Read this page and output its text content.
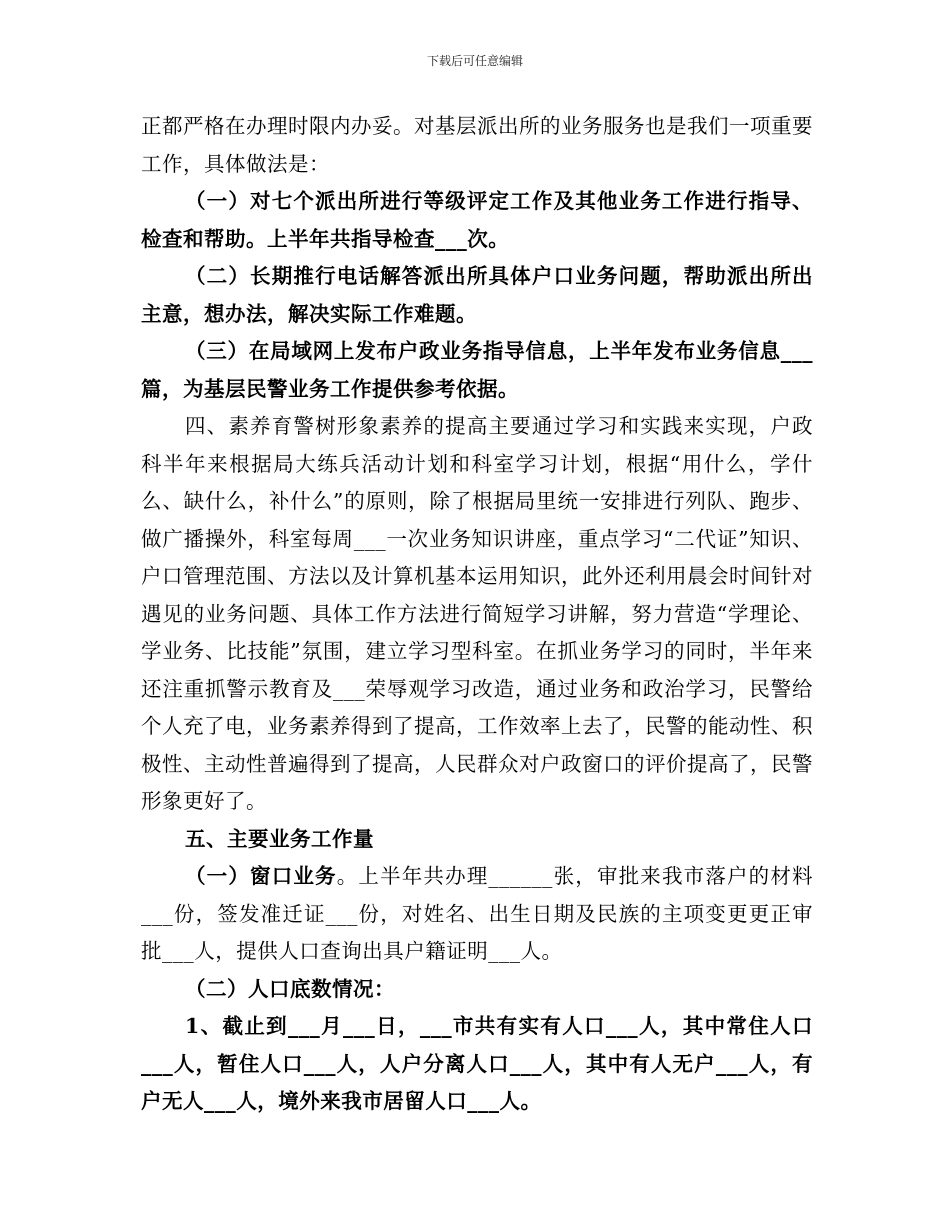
下载后可任意编辑

正都严格在办理时限内办妥。对基层派出所的业务服务也是我们一项重要工作，具体做法是：

（一）对七个派出所进行等级评定工作及其他业务工作进行指导、检查和帮助。上半年共指导检查___次。

（二）长期推行电话解答派出所具体户口业务问题，帮助派出所出主意，想办法，解决实际工作难题。

（三）在局域网上发布户政业务指导信息，上半年发布业务信息___篇，为基层民警业务工作提供参考依据。

四、素养育警树形象素养的提高主要通过学习和实践来实现，户政科半年来根据局大练兵活动计划和科室学习计划，根据“用什么，学什么、缺什么，补什么”的原则，除了根据局里统一安排进行列队、跑步、做广播操外，科室每周___一次业务知识讲座，重点学习“二代证”知识、户口管理范围、方法以及计算机基本运用知识，此外还利用晨会时间针对遇见的业务问题、具体工作方法进行简短学习讲解，努力营造“学理论、学业务、比技能”氛围，建立学习型科室。在抓业务学习的同时，半年来还注重抓警示教育及___荣辱观学习改造，通过业务和政治学习，民警给个人充了电，业务素养得到了提高，工作效率上去了，民警的能动性、积极性、主动性普遍得到了提高，人民群众对户政窗口的评价提高了，民警形象更好了。

五、主要业务工作量

（一）窗口业务。上半年共办理______张，审批来我市落户的材料___份，签发准迁证___份，对姓名、出生日期及民族的主项变更更正审批___人，提供人口查询出具户籍证明___人。

（二）人口底数情况：

1、截止到___月___日，___市共有实有人口___人，其中常住人口___人，暂住人口___人，人户分离人口___人，其中有人无户___人，有户无人___人，境外来我市居留人口___人。
